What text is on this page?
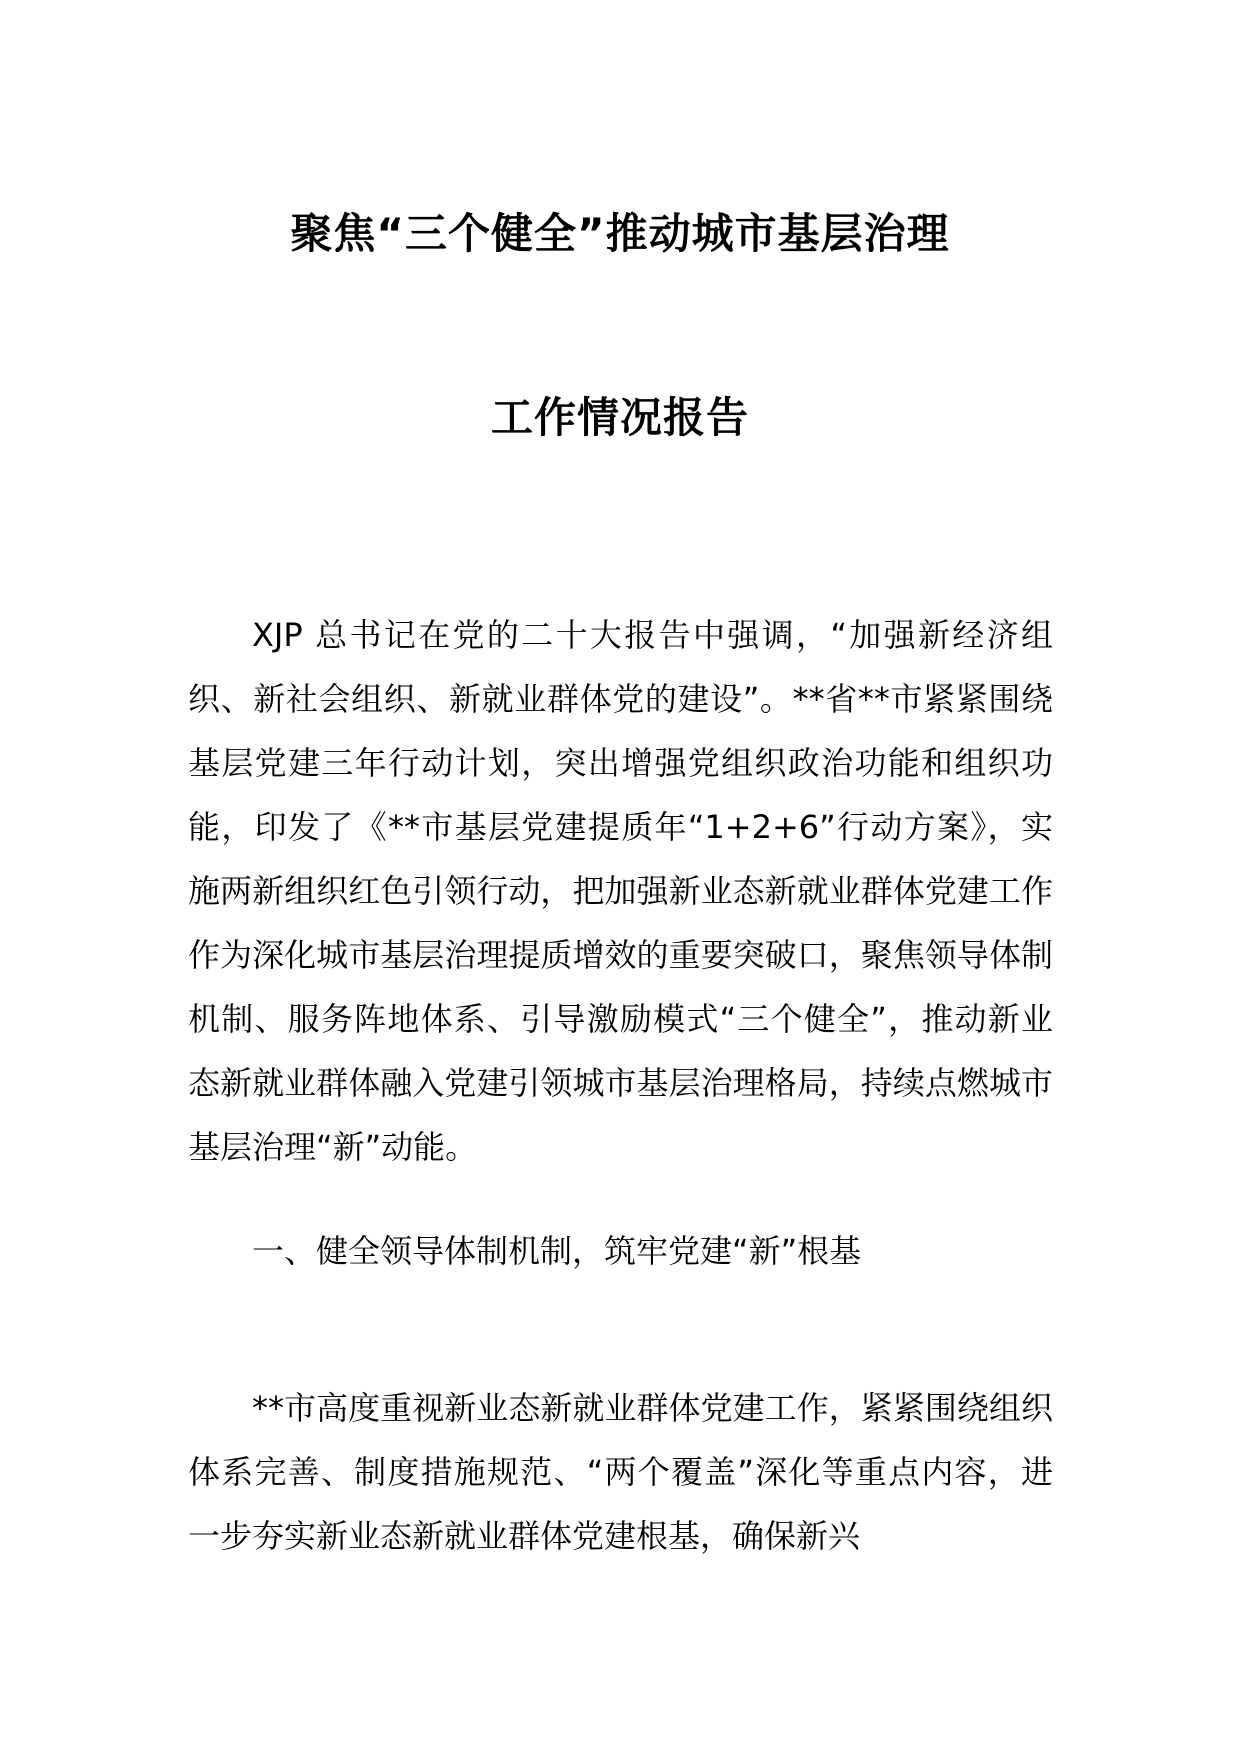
聚焦“三个健全”推动城市基层治理
工作情况报告

XJP 总书记在党的二十大报告中强调，“加强新经济组织、新社会组织、新就业群体党的建设”。**省**市紧紧围绕基层党建三年行动计划，突出增强党组织政治功能和组织功能，印发了《**市基层党建提质年“1+2+6”行动方案》，实施两新组织红色引领行动，把加强新业态新就业群体党建工作作为深化城市基层治理提质增效的重要突破口，聚焦领导体制机制、服务阵地体系、引导激励模式“三个健全”，推动新业态新就业群体融入党建引领城市基层治理格局，持续点燃城市基层治理“新”动能。

一、健全领导体制机制，筑牢党建“新”根基

**市高度重视新业态新就业群体党建工作，紧紧围绕组织体系完善、制度措施规范、“两个覆盖”深化等重点内容，进一步夯实新业态新就业群体党建根基，确保新兴
